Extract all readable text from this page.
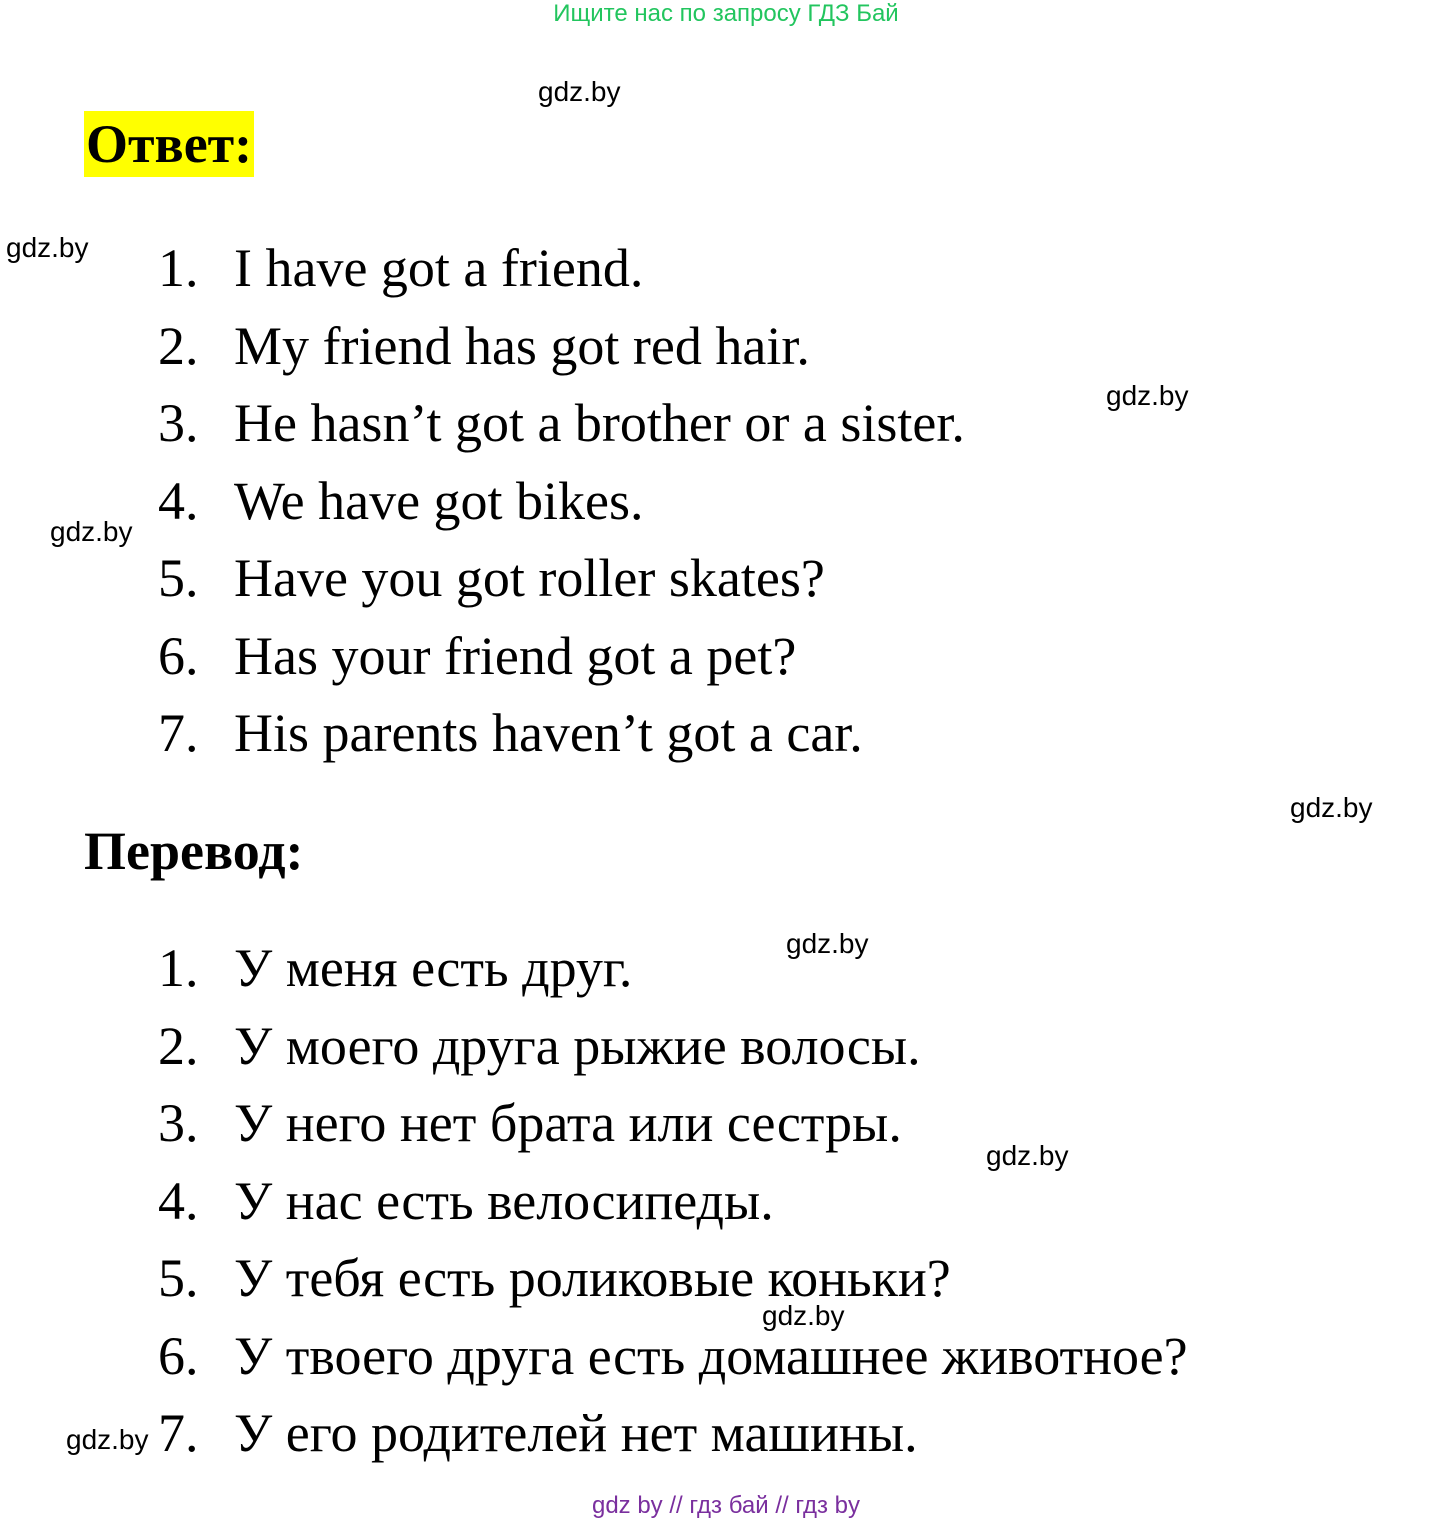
Ищите нас по запросу ГДЗ Бай
gdz.by
gdz.by
gdz.by
gdz.by
gdz.by
gdz.by
gdz.by
gdz.by
gdz.by
Ответ:
1. I have got a friend.
2. My friend has got red hair.
3. He hasn’t got a brother or a sister.
4. We have got bikes.
5. Have you got roller skates?
6. Has your friend got a pet?
7. His parents haven’t got a car.
Перевод:
1. У меня есть друг.
2. У моего друга рыжие волосы.
3. У него нет брата или сестры.
4. У нас есть велосипеды.
5. У тебя есть роликовые коньки?
6. У твоего друга есть домашнее животное?
7. У его родителей нет машины.
gdz by // гдз бай // гдз by
